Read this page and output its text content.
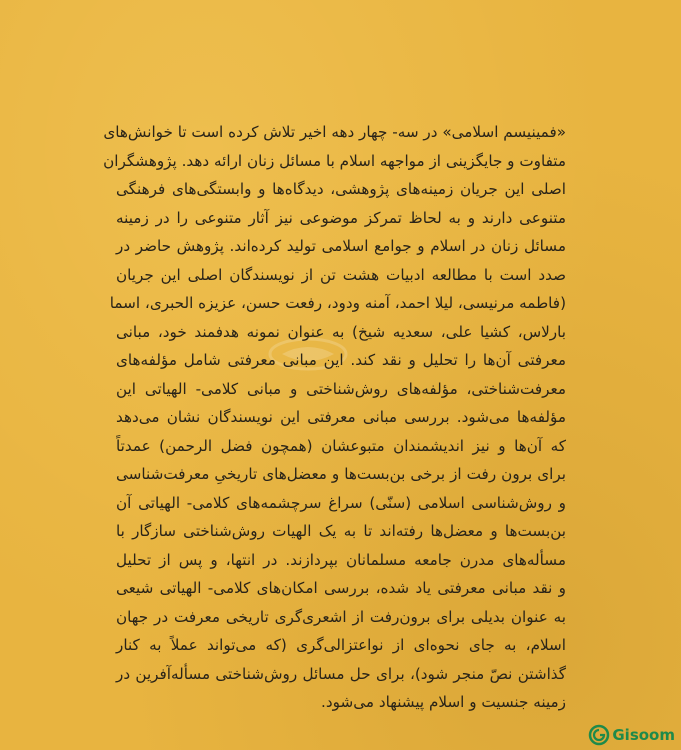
«فمینیسم اسلامی» در سه- چهار دهه اخیر تلاش کرده است تا خوانش‌های
متفاوت و جایگزینی از مواجهه اسلام با مسائل زنان ارائه دهد. پژوهشگران
اصلی این جریان زمینه‌های پژوهشی، دیدگاه‌ها و وابستگی‌های فرهنگی
متنوعی دارند و به لحاظ تمرکز موضوعی نیز آثار متنوعی را در زمینه
مسائل زنان در اسلام و جوامع اسلامی تولید کرده‌اند. پژوهش حاضر در
صدد است با مطالعه ادبیات هشت تن از نویسندگان اصلی این جریان
(فاطمه مرنیسی، لیلا احمد، آمنه ودود، رفعت حسن، عزیزه الحبری، اسما
بارلاس، کشیا علی، سعدیه شیخ) به عنوان نمونه هدفمند خود، مبانی
معرفتی آن‌ها را تحلیل و نقد کند. این مبانی معرفتی شامل مؤلفه‌های
معرفت‌شناختی، مؤلفه‌های روش‌شناختی و مبانی کلامی- الهیاتی این
مؤلفه‌ها می‌شود. بررسی مبانی معرفتی این نویسندگان نشان می‌دهد
که آن‌ها و نیز اندیشمندان متبوعشان (همچون فضل الرحمن) عمدتاً
برای برون رفت از برخی بن‌بست‌ها و معضل‌های تاریخیِ معرفت‌شناسی
و روش‌شناسی اسلامی (سنّی) سراغ سرچشمه‌های کلامی- الهیاتی آن
بن‌بست‌ها و معضل‌ها رفته‌اند تا به یک الهیات روش‌شناختی سازگار با
مسأله‌های مدرن جامعه مسلمانان بپردازند. در انتها، و پس از تحلیل
و نقد مبانی معرفتی یاد شده، بررسی امکان‌های کلامی- الهیاتی شیعی
به عنوان بدیلی برای برون‌رفت از اشعری‌گری تاریخی معرفت در جهان
اسلام، به جای نحوه‌ای از نواعتزالی‌گری (که می‌تواند عملاً به کنار
گذاشتن نصّ منجر شود)، برای حل مسائل روش‌شناختی مسأله‌آفرین در
زمینه جنسیت و اسلام پیشنهاد می‌شود.
Gisoom
